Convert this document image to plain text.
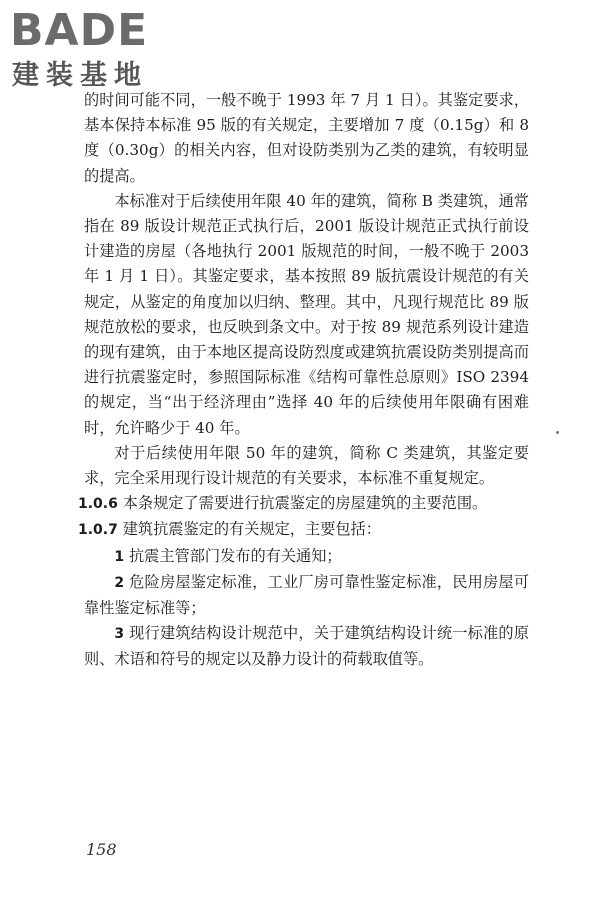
BADE
建装基地

的时间可能不同，一般不晚于 1993 年 7 月 1 日）。其鉴定要求，基本保持本标准 95 版的有关规定，主要增加 7 度（0.15g）和 8 度（0.30g）的相关内容，但对设防类别为乙类的建筑，有较明显的提高。

本标准对于后续使用年限 40 年的建筑，简称 B 类建筑，通常指在 89 版设计规范正式执行后，2001 版设计规范正式执行前设计建造的房屋（各地执行 2001 版规范的时间，一般不晚于 2003 年 1 月 1 日）。其鉴定要求，基本按照 89 版抗震设计规范的有关规定，从鉴定的角度加以归纳、整理。其中，凡现行规范比 89 版规范放松的要求，也反映到条文中。对于按 89 规范系列设计建造的现有建筑，由于本地区提高设防烈度或建筑抗震设防类别提高而进行抗震鉴定时，参照国际标准《结构可靠性总原则》ISO 2394 的规定，当“出于经济理由”选择 40 年的后续使用年限确有困难时，允许略少于 40 年。

对于后续使用年限 50 年的建筑，简称 C 类建筑，其鉴定要求，完全采用现行设计规范的有关要求，本标准不重复规定。

1.0.6 本条规定了需要进行抗震鉴定的房屋建筑的主要范围。

1.0.7 建筑抗震鉴定的有关规定，主要包括：

1 抗震主管部门发布的有关通知；

2 危险房屋鉴定标准，工业厂房可靠性鉴定标准，民用房屋可靠性鉴定标准等；

3 现行建筑结构设计规范中，关于建筑结构设计统一标准的原则、术语和符号的规定以及静力设计的荷载取值等。

158
